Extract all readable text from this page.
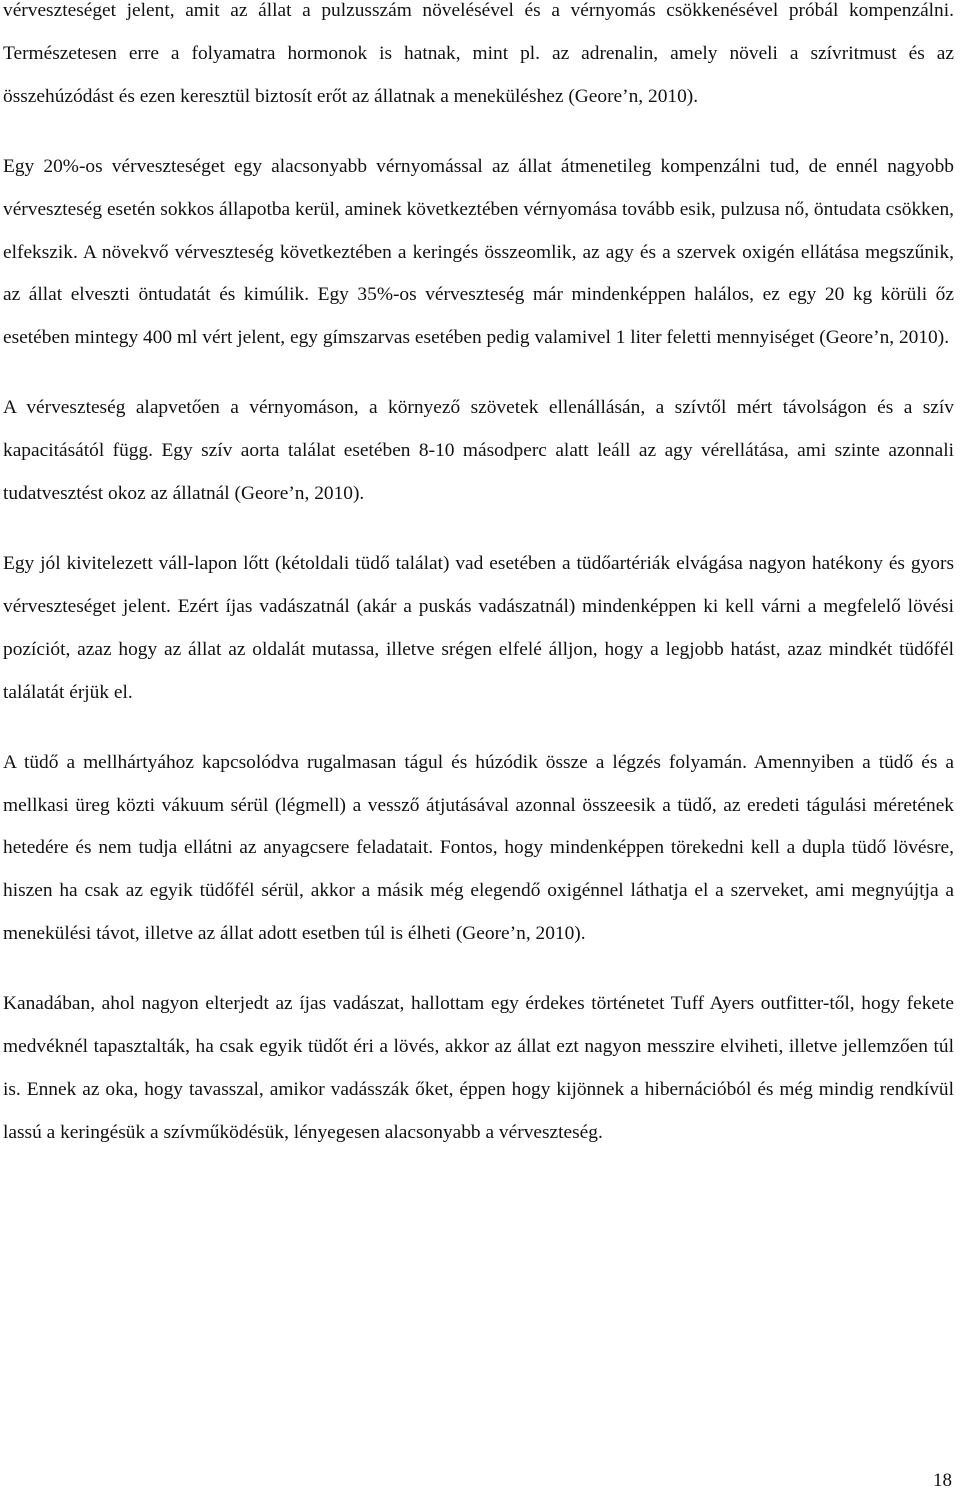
vérveszteséget jelent, amit az állat a pulzusszám növelésével és a vérnyomás csökkenésével próbál kompenzálni. Természetesen erre a folyamatra hormonok is hatnak, mint pl. az adrenalin, amely növeli a szívritmust és az összehúzódást és ezen keresztül biztosít erőt az állatnak a meneküléshez (Geore’n, 2010).

Egy 20%-os vérveszteséget egy alacsonyabb vérnyomással az állat átmenetileg kompenzálni tud, de ennél nagyobb vérveszteség esetén sokkos állapotba kerül, aminek következtében vérnyomása tovább esik, pulzusa nő, öntudata csökken, elfekszik. A növekvő vérveszteség következtében a keringés összeomlik, az agy és a szervek oxigén ellátása megszűnik, az állat elveszti öntudatát és kimúlik. Egy 35%-os vérveszteség már mindenképpen halálos, ez egy 20 kg körüli őz esetében mintegy 400 ml vért jelent, egy gímszarvas esetében pedig valamivel 1 liter feletti mennyiséget (Geore’n, 2010).

A vérveszteség alapvetően a vérnyomáson, a környező szövetek ellenállásán, a szívtől mért távolságon és a szív kapacitásától függ. Egy szív aorta találat esetében 8-10 másodperc alatt leáll az agy vérellátása, ami szinte azonnali tudatvesztést okoz az állatnál (Geore’n, 2010).

Egy jól kivitelezett váll-lapon lőtt (kétoldali tüdő találat) vad esetében a tüdőartériák elvágása nagyon hatékony és gyors vérveszteséget jelent. Ezért íjas vadászatnál (akár a puskás vadászatnál) mindenképpen ki kell várni a megfelelő lövési pozíciót, azaz hogy az állat az oldalát mutassa, illetve srégen elfelé álljon, hogy a legjobb hatást, azaz mindkét tüdőfél találatát érjük el.

A tüdő a mellhártyához kapcsolódva rugalmasan tágul és húzódik össze a légzés folyamán. Amennyiben a tüdő és a mellkasi üreg közti vákuum sérül (légmell) a vessző átjutásával azonnal összeesik a tüdő, az eredeti tágulási méretének hetedére és nem tudja ellátni az anyagcsere feladatait. Fontos, hogy mindenképpen törekedni kell a dupla tüdő lövésre, hiszen ha csak az egyik tüdőfél sérül, akkor a másik még elegendő oxigénnel láthatja el a szerveket, ami megnyújtja a menekülési távot, illetve az állat adott esetben túl is élheti (Geore’n, 2010).

Kanadában, ahol nagyon elterjedt az íjas vadászat, hallottam egy érdekes történetet Tuff Ayers outfitter-től, hogy fekete medvéknél tapasztalták, ha csak egyik tüdőt éri a lövés, akkor az állat ezt nagyon messzire elviheti, illetve jellemzően túl is. Ennek az oka, hogy tavasszal, amikor vadásszák őket, éppen hogy kijönnek a hibernációból és még mindig rendkívül lassú a keringésük a szívműködésük, lényegesen alacsonyabb a vérveszteség.

18
